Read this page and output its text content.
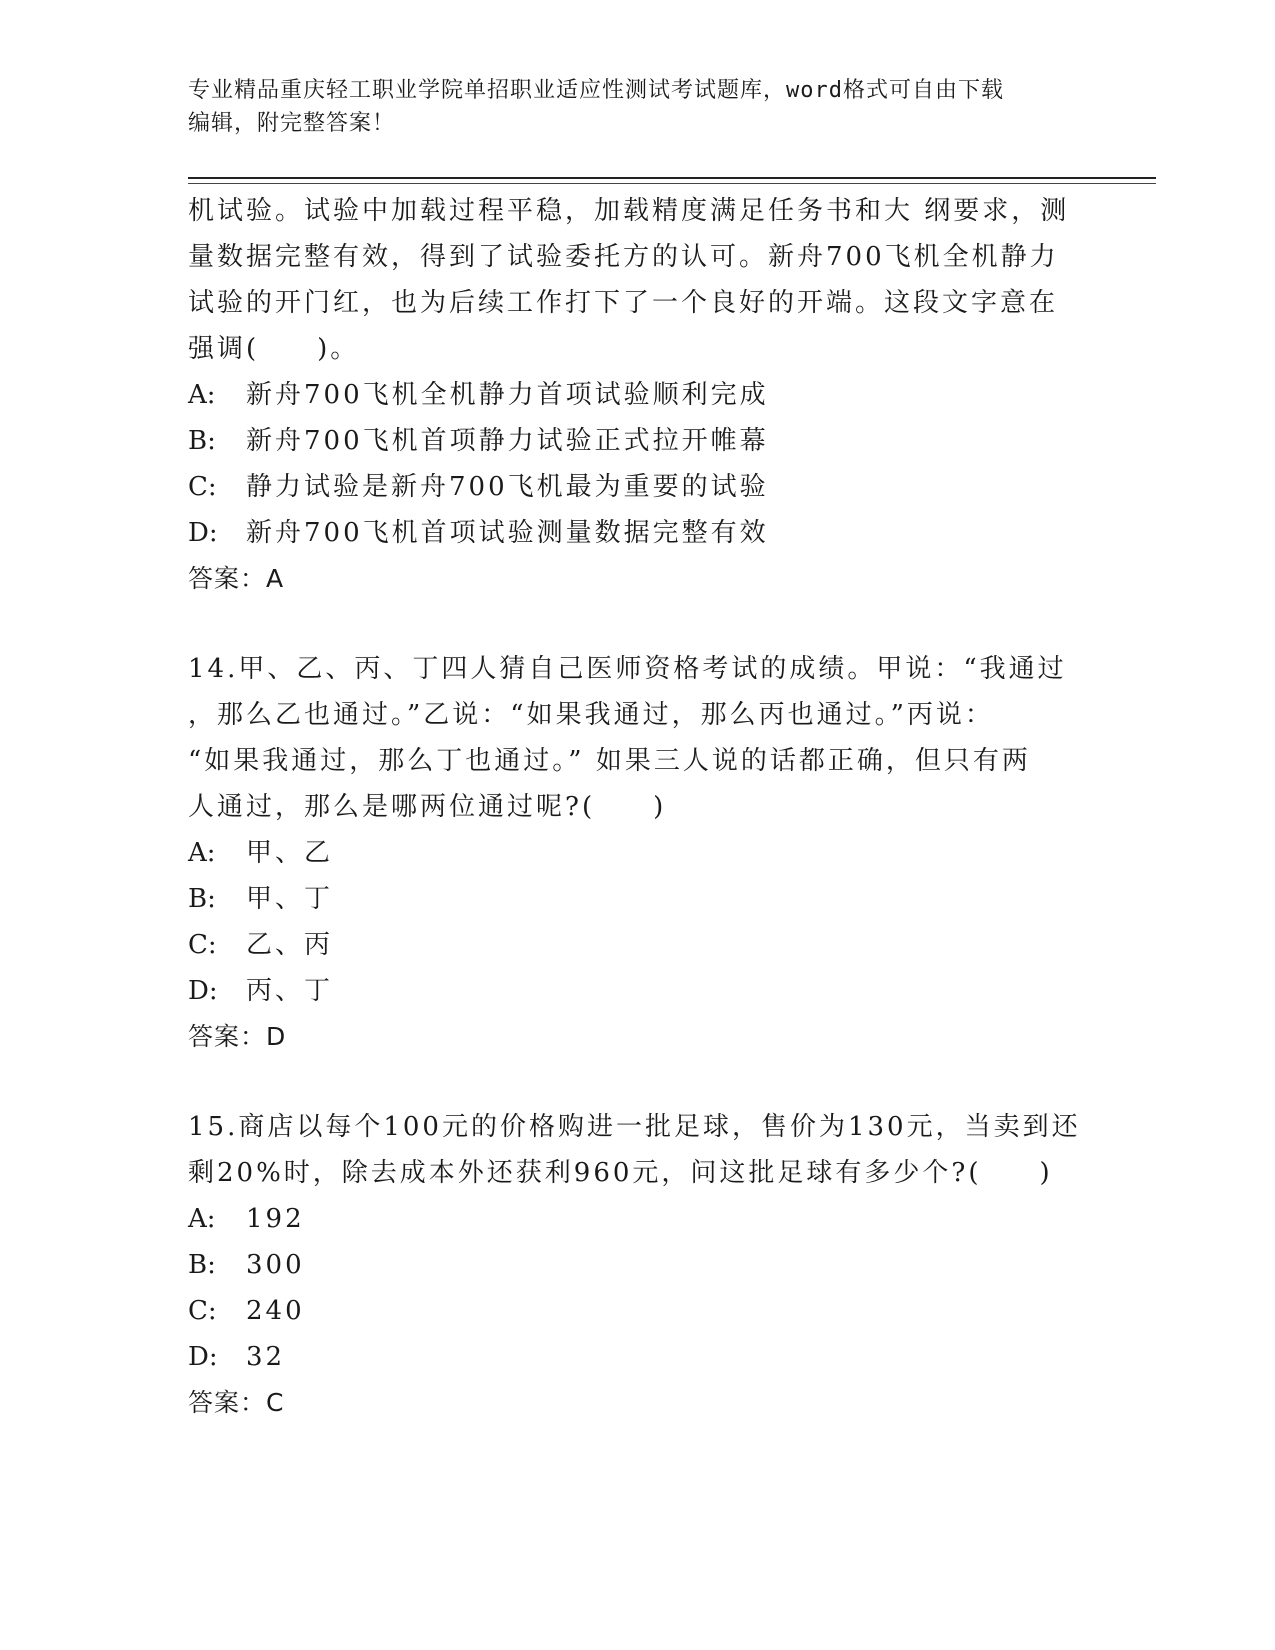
专业精品重庆轻工职业学院单招职业适应性测试考试题库，word格式可自由下载
编辑，附完整答案！
机试验。试验中加载过程平稳，加载精度满足任务书和大 纲要求，测
量数据完整有效，得到了试验委托方的认可。新舟700飞机全机静力
试验的开门红，也为后续工作打下了一个良好的开端。这段文字意在
强调(　　)。
A: 新舟700飞机全机静力首项试验顺利完成
B: 新舟700飞机首项静力试验正式拉开帷幕
C: 静力试验是新舟700飞机最为重要的试验
D: 新舟700飞机首项试验测量数据完整有效
答案：A
14.甲、乙、丙、丁四人猜自己医师资格考试的成绩。甲说：“我通过
，那么乙也通过。”乙说：“如果我通过，那么丙也通过。”丙说：
“如果我通过，那么丁也通过。” 如果三人说的话都正确，但只有两
人通过，那么是哪两位通过呢?(　　)
A: 甲、乙
B: 甲、丁
C: 乙、丙
D: 丙、丁
答案：D
15.商店以每个100元的价格购进一批足球，售价为130元，当卖到还
剩20%时，除去成本外还获利960元，问这批足球有多少个?(　　)
A: 192
B: 300
C: 240
D: 32
答案：C
